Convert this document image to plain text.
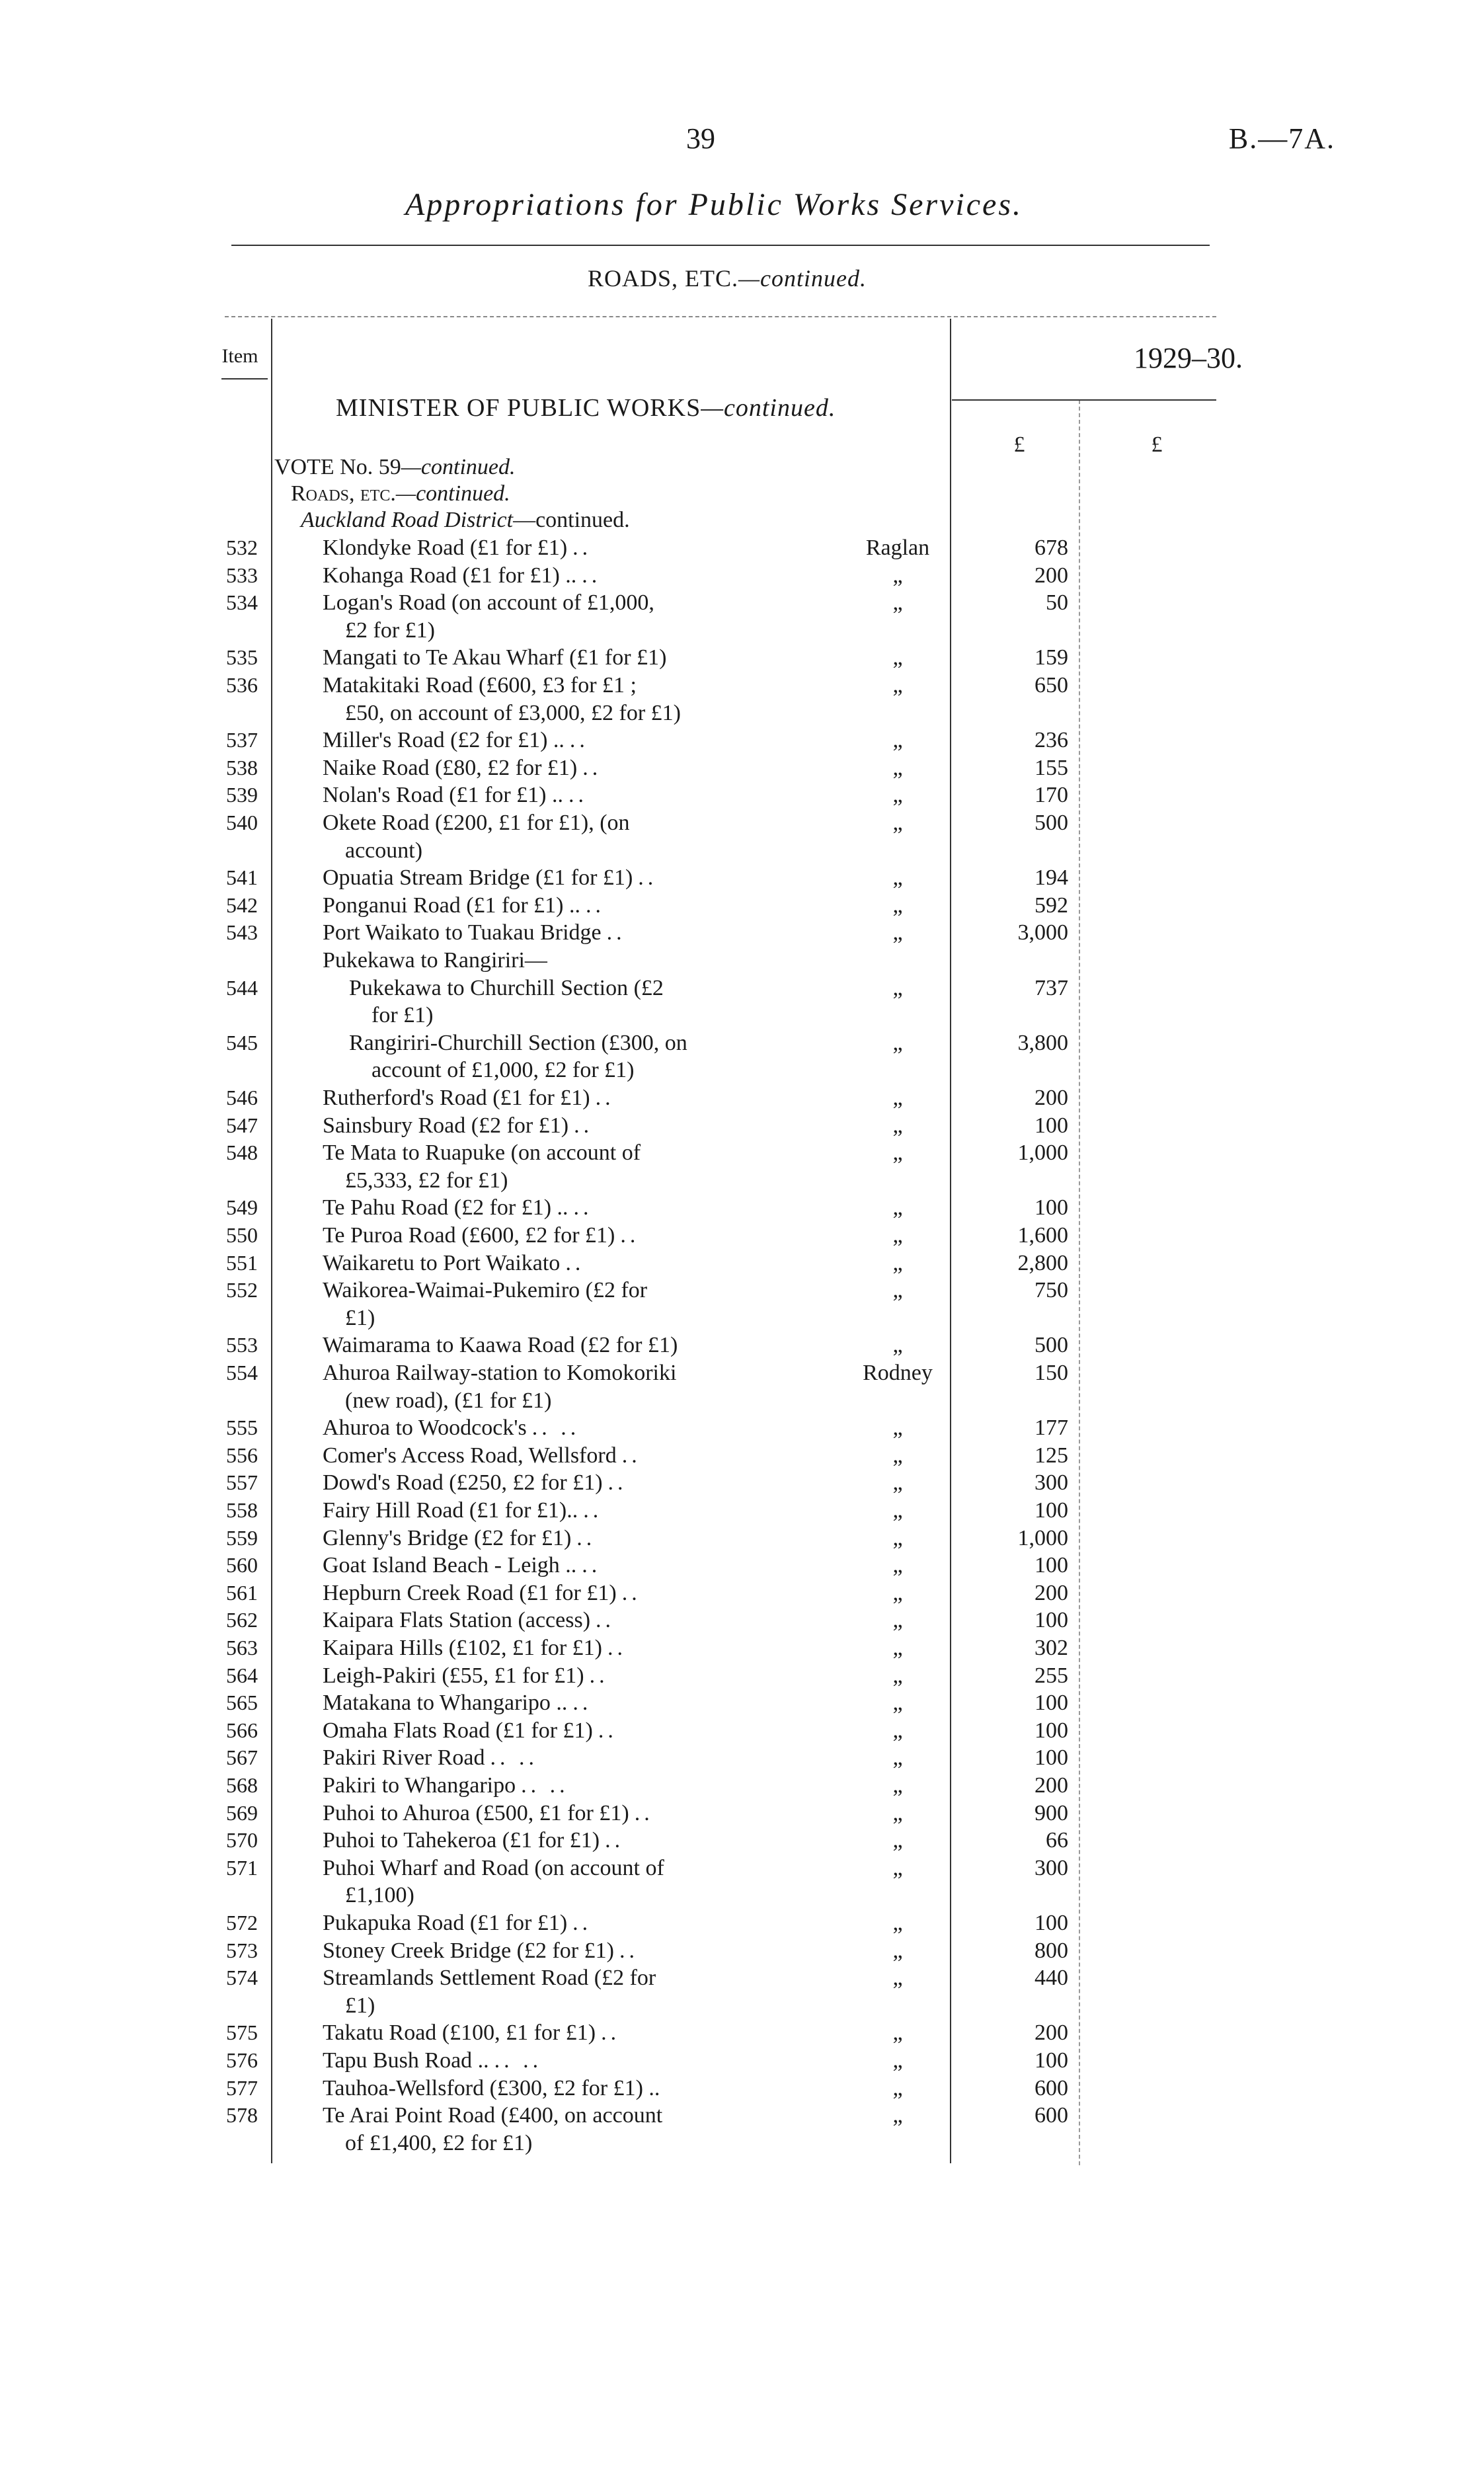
39	B.—7A.
Appropriations for Public Works Services.
ROADS, ETC.—continued.
Item	1929–30.
MINISTER OF PUBLIC WORKS—continued.
£	£
VOTE No. 59—continued.
Roads, etc.—continued.
Auckland Road District—continued.
532	Klondyke Road (£1 for £1) ..	Raglan	678
533	Kohanga Road (£1 for £1) .. ..	„	200
534	Logan's Road (on account of £1,000,	„	50
£2 for £1)
535	Mangati to Te Akau Wharf (£1 for £1)	„	159
536	Matakitaki Road (£600, £3 for £1 ;	„	650
£50, on account of £3,000, £2 for £1)
537	Miller's Road (£2 for £1) .. ..	„	236
538	Naike Road (£80, £2 for £1) ..	„	155
539	Nolan's Road (£1 for £1) .. ..	„	170
540	Okete Road (£200, £1 for £1), (on	„	500
account)
541	Opuatia Stream Bridge (£1 for £1) ..	„	194
542	Ponganui Road (£1 for £1) .. ..	„	592
543	Port Waikato to Tuakau Bridge ..	„	3,000
Pukekawa to Rangiriri—
544	Pukekawa to Churchill Section (£2	„	737
for £1)
545	Rangiriri-Churchill Section (£300, on	„	3,800
account of £1,000, £2 for £1)
546	Rutherford's Road (£1 for £1) ..	„	200
547	Sainsbury Road (£2 for £1) ..	„	100
548	Te Mata to Ruapuke (on account of	„	1,000
£5,333, £2 for £1)
549	Te Pahu Road (£2 for £1) .. ..	„	100
550	Te Puroa Road (£600, £2 for £1) ..	„	1,600
551	Waikaretu to Port Waikato ..	„	2,800
552	Waikorea-Waimai-Pukemiro (£2 for	„	750
£1)
553	Waimarama to Kaawa Road (£2 for £1)	„	500
554	Ahuroa Railway-station to Komokoriki	Rodney	150
(new road), (£1 for £1)
555	Ahuroa to Woodcock's .. ..	„	177
556	Comer's Access Road, Wellsford ..	„	125
557	Dowd's Road (£250, £2 for £1) ..	„	300
558	Fairy Hill Road (£1 for £1).. ..	„	100
559	Glenny's Bridge (£2 for £1) ..	„	1,000
560	Goat Island Beach - Leigh .. ..	„	100
561	Hepburn Creek Road (£1 for £1) ..	„	200
562	Kaipara Flats Station (access) ..	„	100
563	Kaipara Hills (£102, £1 for £1) ..	„	302
564	Leigh-Pakiri (£55, £1 for £1) ..	„	255
565	Matakana to Whangaripo .. ..	„	100
566	Omaha Flats Road (£1 for £1) ..	„	100
567	Pakiri River Road .. ..	„	100
568	Pakiri to Whangaripo .. ..	„	200
569	Puhoi to Ahuroa (£500, £1 for £1) ..	„	900
570	Puhoi to Tahekeroa (£1 for £1) ..	„	66
571	Puhoi Wharf and Road (on account of	„	300
£1,100)
572	Pukapuka Road (£1 for £1) ..	„	100
573	Stoney Creek Bridge (£2 for £1) ..	„	800
574	Streamlands Settlement Road (£2 for	„	440
£1)
575	Takatu Road (£100, £1 for £1) ..	„	200
576	Tapu Bush Road .. .. ..	„	100
577	Tauhoa-Wellsford (£300, £2 for £1) ..	„	600
578	Te Arai Point Road (£400, on account	„	600
of £1,400, £2 for £1)
